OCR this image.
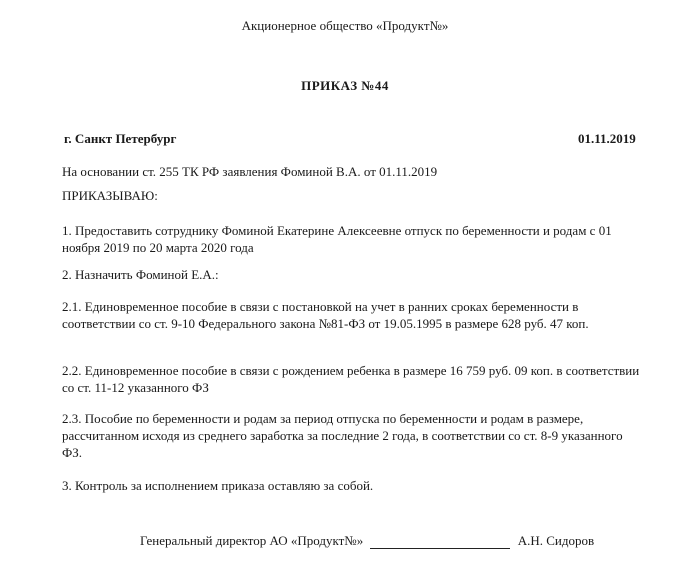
Акционерное общество «Продукт№»
ПРИКАЗ №44
г. Санкт Петербург	01.11.2019
На основании ст. 255 ТК РФ заявления Фоминой В.А. от 01.11.2019
ПРИКАЗЫВАЮ:
1. Предоставить сотруднику Фоминой Екатерине Алексеевне отпуск по беременности и родам с 01 ноября 2019 по 20 марта 2020 года
2. Назначить Фоминой Е.А.:
2.1. Единовременное пособие в связи с постановкой на учет в ранних сроках беременности в соответствии со ст. 9-10 Федерального закона №81-ФЗ от 19.05.1995 в размере 628 руб. 47 коп.
2.2. Единовременное пособие в связи с рождением ребенка в размере 16 759 руб. 09 коп. в соответствии со ст. 11-12 указанного ФЗ
2.3. Пособие по беременности и родам за период отпуска по беременности и родам в размере, рассчитанном исходя из среднего заработка за последние 2 года, в соответствии со ст. 8-9 указанного ФЗ.
3. Контроль за исполнением приказа оставляю за собой.
Генеральный директор АО «Продукт№»	А.Н. Сидоров
